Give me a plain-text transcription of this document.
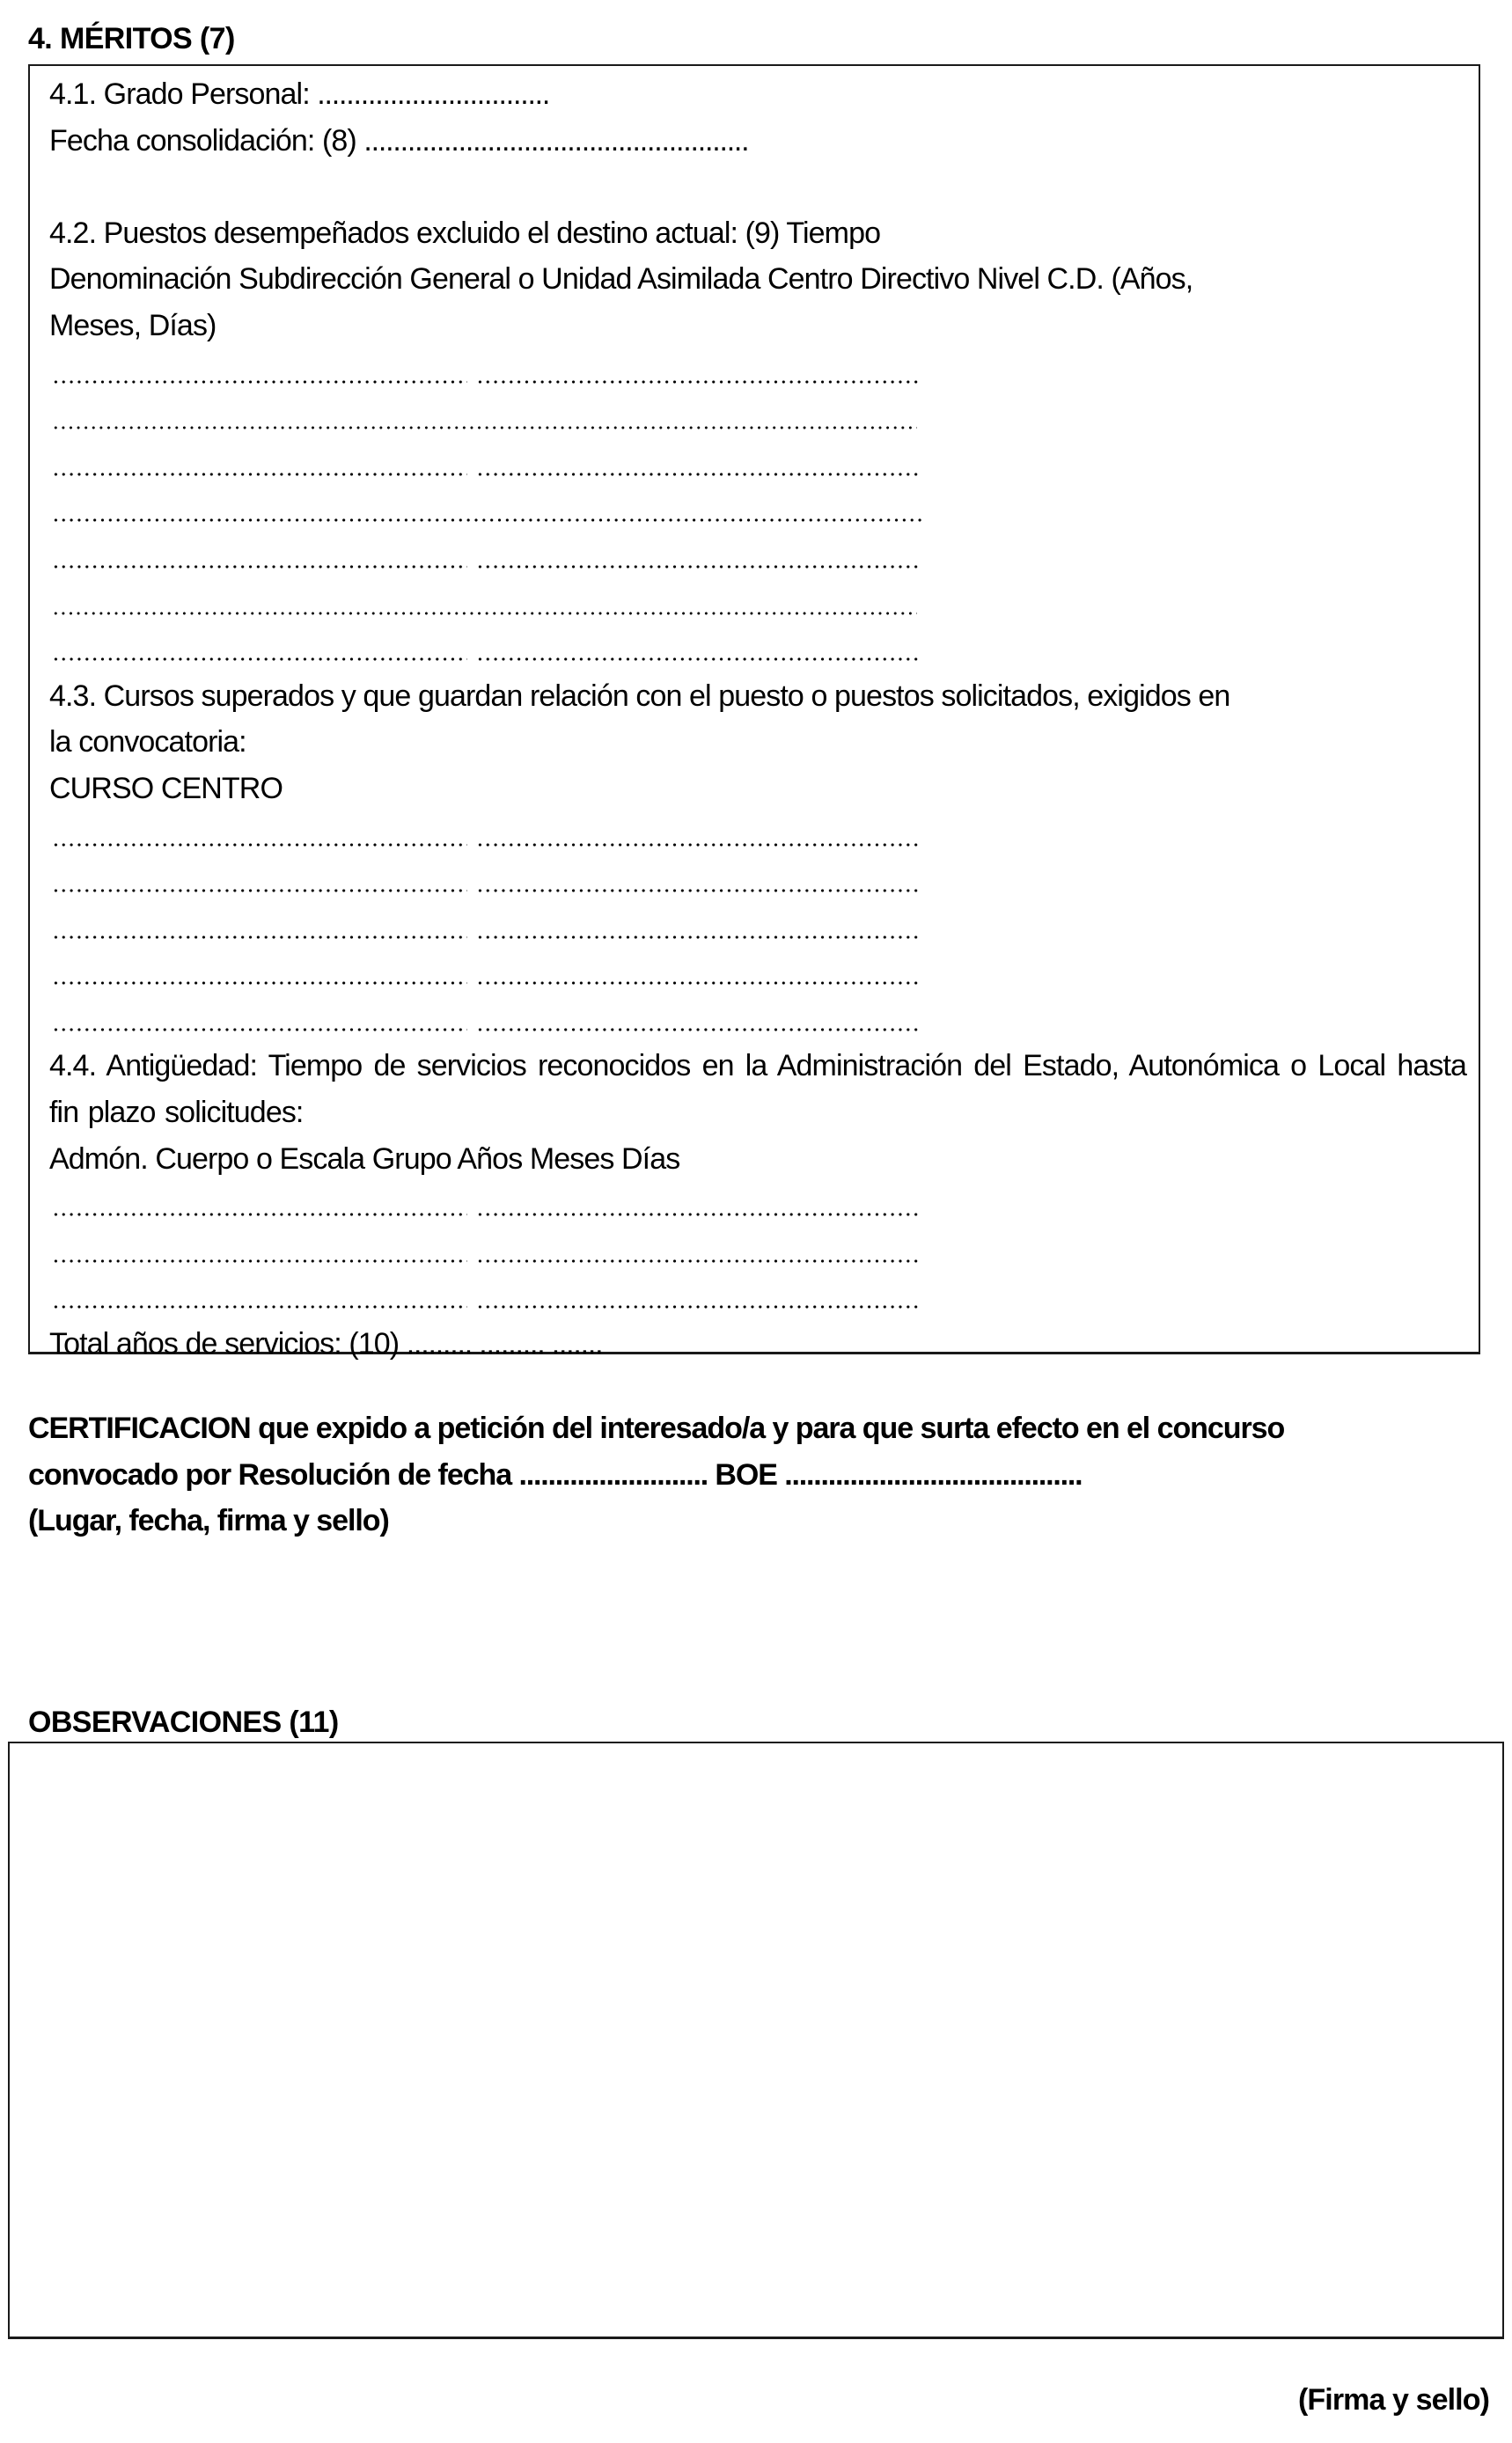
4. MÉRITOS (7)
4.1. Grado Personal: ................................
Fecha consolidación: (8) .....................................................
4.2. Puestos desempeñados excluido el destino actual: (9) Tiempo
Denominación Subdirección General o Unidad Asimilada Centro Directivo Nivel C.D. (Años,
Meses, Días)
4.3. Cursos superados y que guardan relación con el puesto o puestos solicitados, exigidos en
la convocatoria:
CURSO CENTRO
4.4. Antigüedad: Tiempo de servicios reconocidos en la Administración del Estado, Autonómica o Local hasta fin plazo solicitudes:
Admón. Cuerpo o Escala Grupo Años Meses Días
Total años de servicios: (10) ......... ......... .......
CERTIFICACION que expido a petición del interesado/a y para que surta efecto en el concurso
convocado por Resolución de fecha .......................... BOE .........................................
(Lugar, fecha, firma y sello)
OBSERVACIONES (11)
(Firma y sello)
